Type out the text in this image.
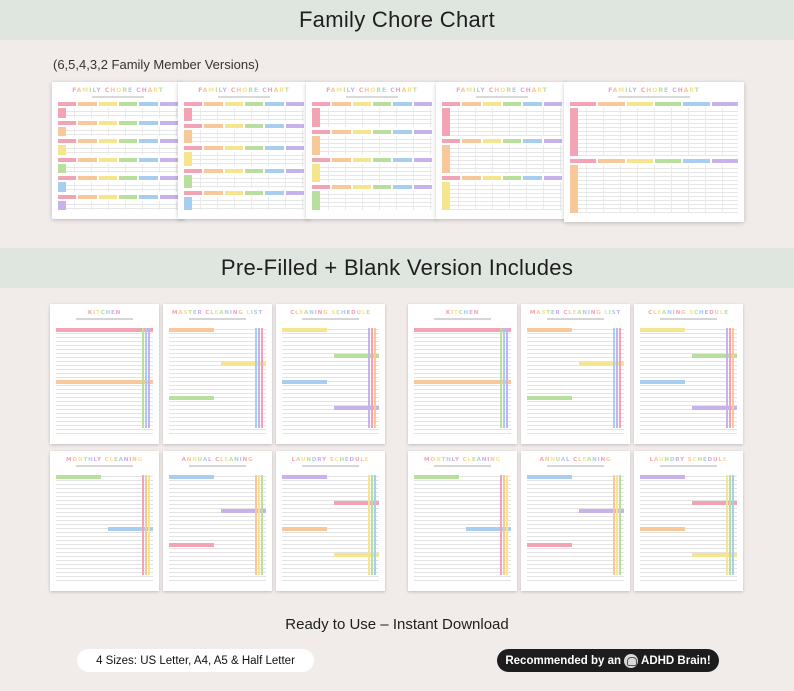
Family Chore Chart
(6,5,4,3,2 Family Member Versions)
FAMILY CHORE CHART	FAMILY CHORE CHART	FAMILY CHORE CHART	FAMILY CHORE CHART	FAMILY CHORE CHART
Pre-Filled + Blank Version Includes
KITCHEN	MASTER CLEANING LIST	CLEANING SCHEDULE
MONTHLY CLEANING	ANNUAL CLEANING	LAUNDRY SCHEDULE
KITCHEN	MASTER CLEANING LIST	CLEANING SCHEDULE
MONTHLY CLEANING	ANNUAL CLEANING	LAUNDRY SCHEDULE
Ready to Use – Instant Download
4 Sizes: US Letter, A4, A5 & Half Letter	Recommended by an ADHD Brain!
